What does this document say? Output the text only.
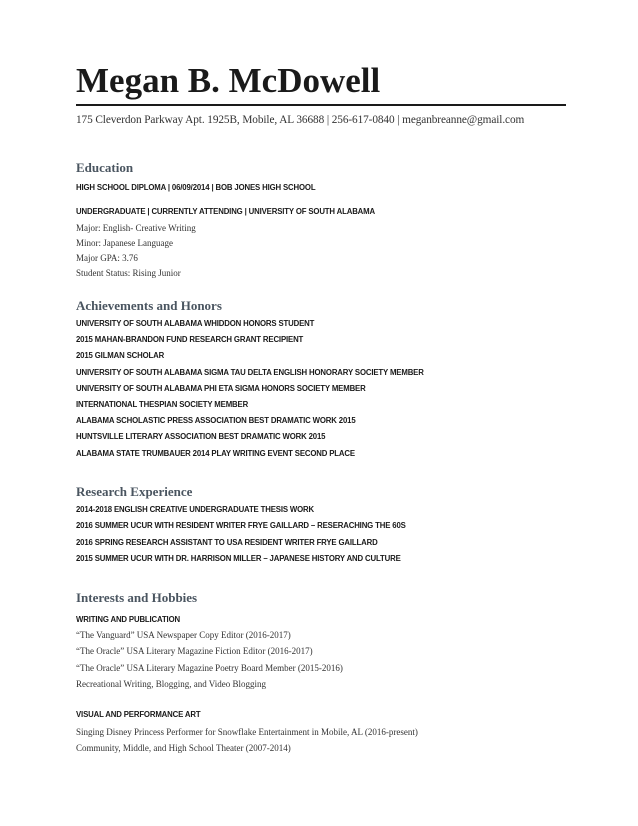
Megan B. McDowell
175 Cleverdon Parkway Apt. 1925B, Mobile, AL 36688 | 256-617-0840 | meganbreanne@gmail.com
Education
HIGH SCHOOL DIPLOMA | 06/09/2014 | BOB JONES HIGH SCHOOL
UNDERGRADUATE | CURRENTLY ATTENDING | UNIVERSITY OF SOUTH ALABAMA
Major: English- Creative Writing
Minor: Japanese Language
Major GPA: 3.76
Student Status: Rising Junior
Achievements and Honors
UNIVERSITY OF SOUTH ALABAMA WHIDDON HONORS STUDENT
2015 MAHAN-BRANDON FUND RESEARCH GRANT RECIPIENT
2015 GILMAN SCHOLAR
UNIVERSITY OF SOUTH ALABAMA SIGMA TAU DELTA ENGLISH HONORARY SOCIETY MEMBER
UNIVERSITY OF SOUTH ALABAMA PHI ETA SIGMA HONORS SOCIETY MEMBER
INTERNATIONAL THESPIAN SOCIETY MEMBER
ALABAMA SCHOLASTIC PRESS ASSOCIATION BEST DRAMATIC WORK 2015
HUNTSVILLE LITERARY ASSOCIATION BEST DRAMATIC WORK 2015
ALABAMA STATE TRUMBAUER 2014 PLAY WRITING EVENT SECOND PLACE
Research Experience
2014-2018 ENGLISH CREATIVE UNDERGRADUATE THESIS WORK
2016 SUMMER UCUR WITH RESIDENT WRITER FRYE GAILLARD – RESERACHING THE 60S
2016 SPRING RESEARCH ASSISTANT TO USA RESIDENT WRITER FRYE GAILLARD
2015 SUMMER UCUR WITH DR. HARRISON MILLER – JAPANESE HISTORY AND CULTURE
Interests and Hobbies
WRITING AND PUBLICATION
“The Vanguard” USA Newspaper Copy Editor (2016-2017)
“The Oracle” USA Literary Magazine Fiction Editor (2016-2017)
“The Oracle” USA Literary Magazine Poetry Board Member (2015-2016)
Recreational Writing, Blogging, and Video Blogging
VISUAL AND PERFORMANCE ART
Singing Disney Princess Performer for Snowflake Entertainment in Mobile, AL (2016-present)
Community, Middle, and High School Theater (2007-2014)
